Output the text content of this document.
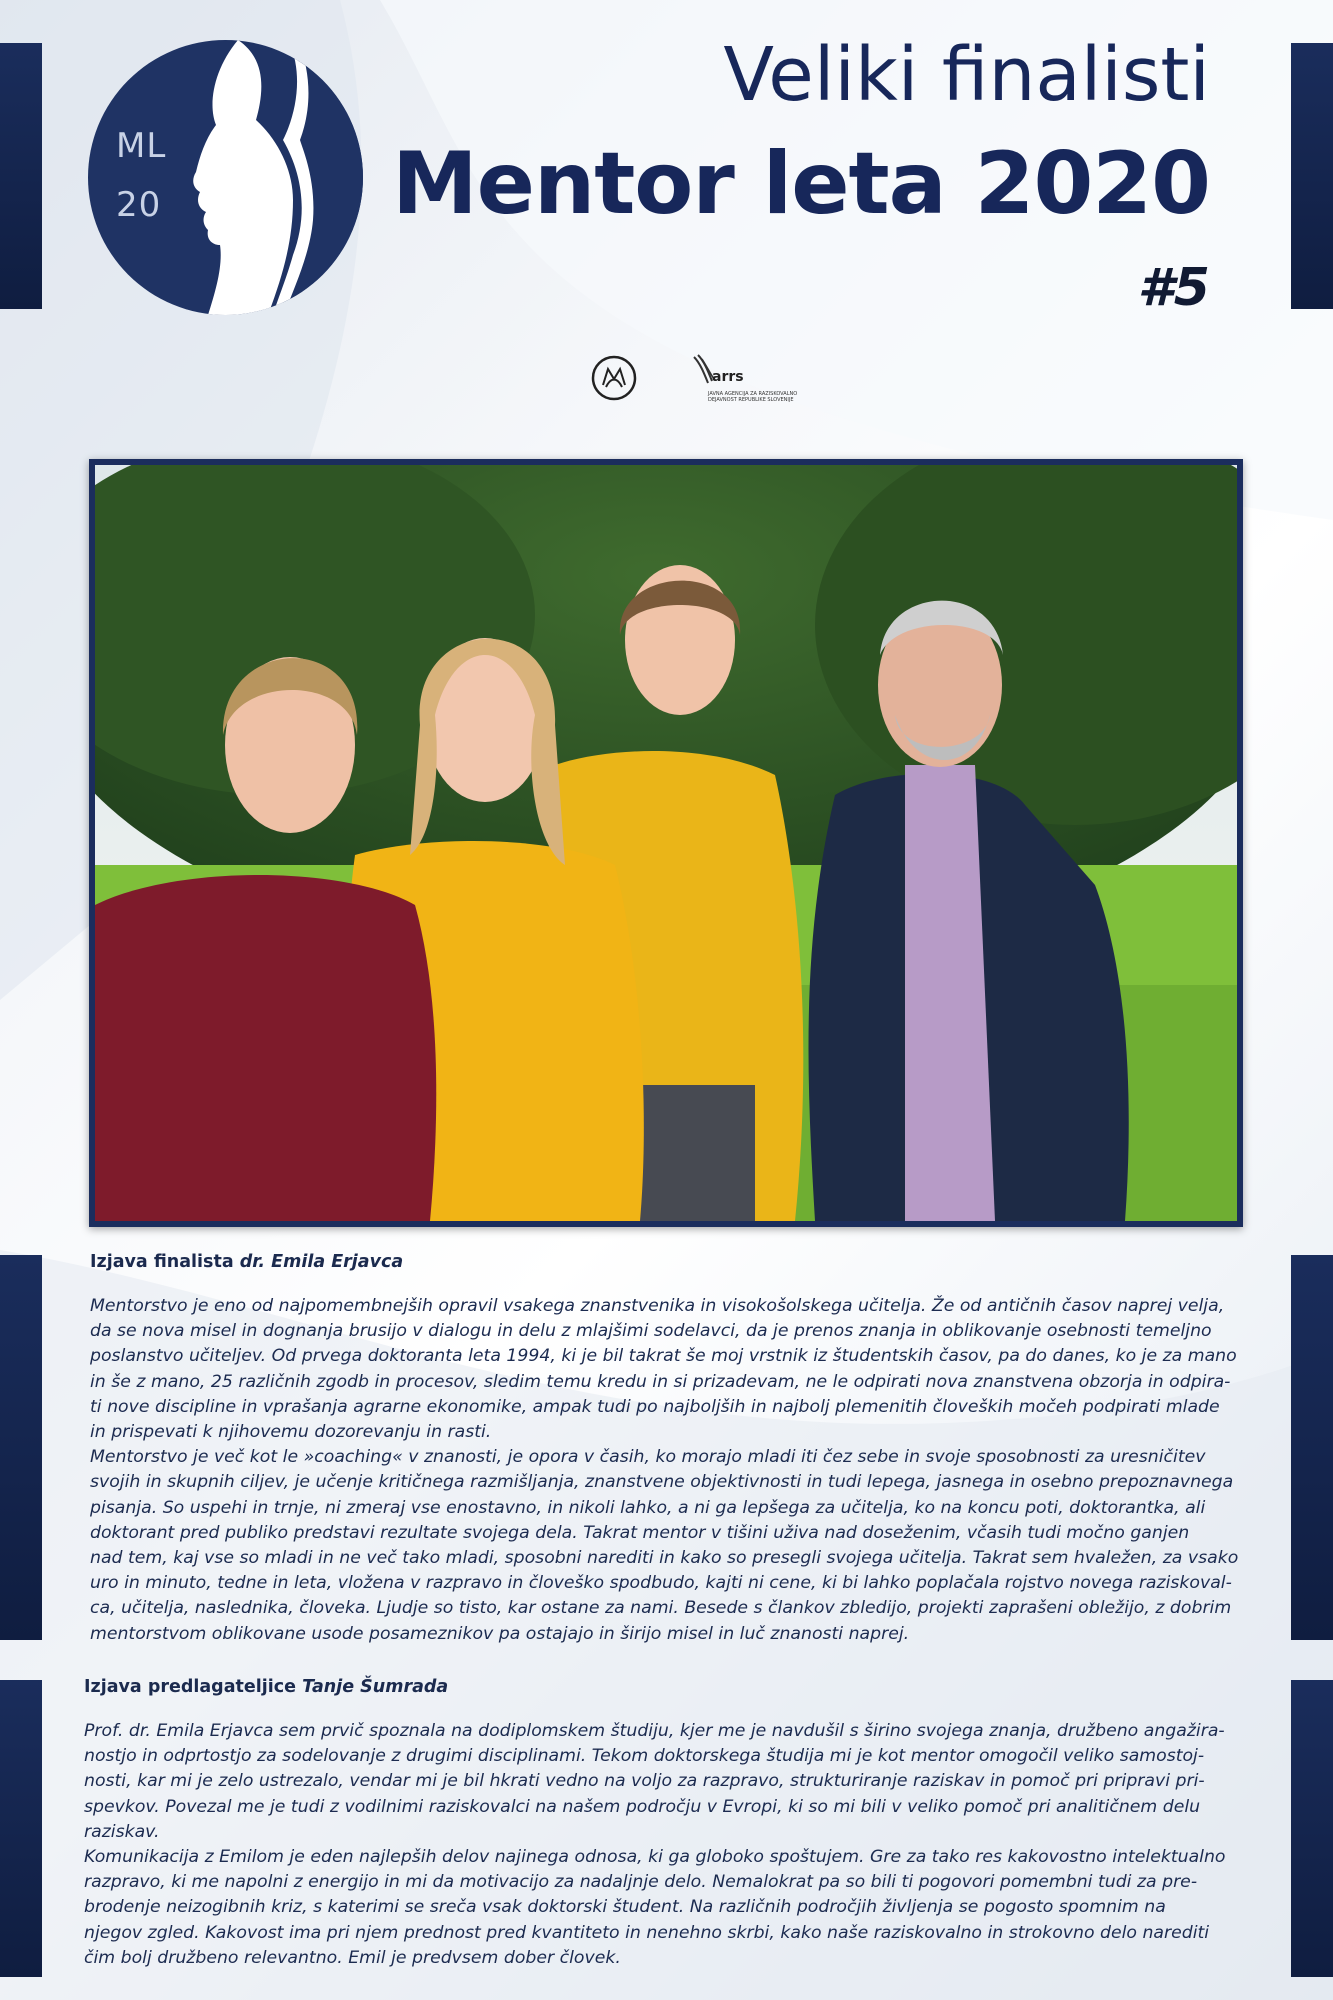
ML
20
Veliki finalisti
Mentor leta 2020
#5
arrs
JAVNA AGENCIJA ZA RAZISKOVALNO DEJAVNOST REPUBLIKE SLOVENIJE
Izjava finalista dr. Emila Erjavca

Mentorstvo je eno od najpomembnejših opravil vsakega znanstvenika in visokošolskega učitelja. Že od antičnih časov naprej velja,
da se nova misel in dognanja brusijo v dialogu in delu z mlajšimi sodelavci, da je prenos znanja in oblikovanje osebnosti temeljno
poslanstvo učiteljev. Od prvega doktoranta leta 1994, ki je bil takrat še moj vrstnik iz študentskih časov, pa do danes, ko je za mano
in še z mano, 25 različnih zgodb in procesov, sledim temu kredu in si prizadevam, ne le odpirati nova znanstvena obzorja in odpira-
ti nove discipline in vprašanja agrarne ekonomike, ampak tudi po najboljših in najbolj plemenitih človeških močeh podpirati mlade
in prispevati k njihovemu dozorevanju in rasti.
Mentorstvo je več kot le »coaching« v znanosti, je opora v časih, ko morajo mladi iti čez sebe in svoje sposobnosti za uresničitev
svojih in skupnih ciljev, je učenje kritičnega razmišljanja, znanstvene objektivnosti in tudi lepega, jasnega in osebno prepoznavnega
pisanja. So uspehi in trnje, ni zmeraj vse enostavno, in nikoli lahko, a ni ga lepšega za učitelja, ko na koncu poti, doktorantka, ali
doktorant pred publiko predstavi rezultate svojega dela. Takrat mentor v tišini uživa nad doseženim, včasih tudi močno ganjen
nad tem, kaj vse so mladi in ne več tako mladi, sposobni narediti in kako so presegli svojega učitelja. Takrat sem hvaležen, za vsako
uro in minuto, tedne in leta, vložena v razpravo in človeško spodbudo, kajti ni cene, ki bi lahko poplačala rojstvo novega raziskoval-
ca, učitelja, naslednika, človeka. Ljudje so tisto, kar ostane za nami. Besede s člankov zbledijo, projekti zaprašeni obležijo, z dobrim
mentorstvom oblikovane usode posameznikov pa ostajajo in širijo misel in luč znanosti naprej.

Izjava predlagateljice Tanje Šumrada

Prof. dr. Emila Erjavca sem prvič spoznala na dodiplomskem študiju, kjer me je navdušil s širino svojega znanja, družbeno angažira-
nostjo in odprtostjo za sodelovanje z drugimi disciplinami. Tekom doktorskega študija mi je kot mentor omogočil veliko samostoj-
nosti, kar mi je zelo ustrezalo, vendar mi je bil hkrati vedno na voljo za razpravo, strukturiranje raziskav in pomoč pri pripravi pri-
spevkov. Povezal me je tudi z vodilnimi raziskovalci na našem področju v Evropi, ki so mi bili v veliko pomoč pri analitičnem delu
raziskav.
Komunikacija z Emilom je eden najlepših delov najinega odnosa, ki ga globoko spoštujem. Gre za tako res kakovostno intelektualno
razpravo, ki me napolni z energijo in mi da motivacijo za nadaljnje delo. Nemalokrat pa so bili ti pogovori pomembni tudi za pre-
brodenje neizogibnih kriz, s katerimi se sreča vsak doktorski študent. Na različnih področjih življenja se pogosto spomnim na
njegov zgled. Kakovost ima pri njem prednost pred kvantiteto in nenehno skrbi, kako naše raziskovalno in strokovno delo narediti
čim bolj družbeno relevantno. Emil je predvsem dober človek.
